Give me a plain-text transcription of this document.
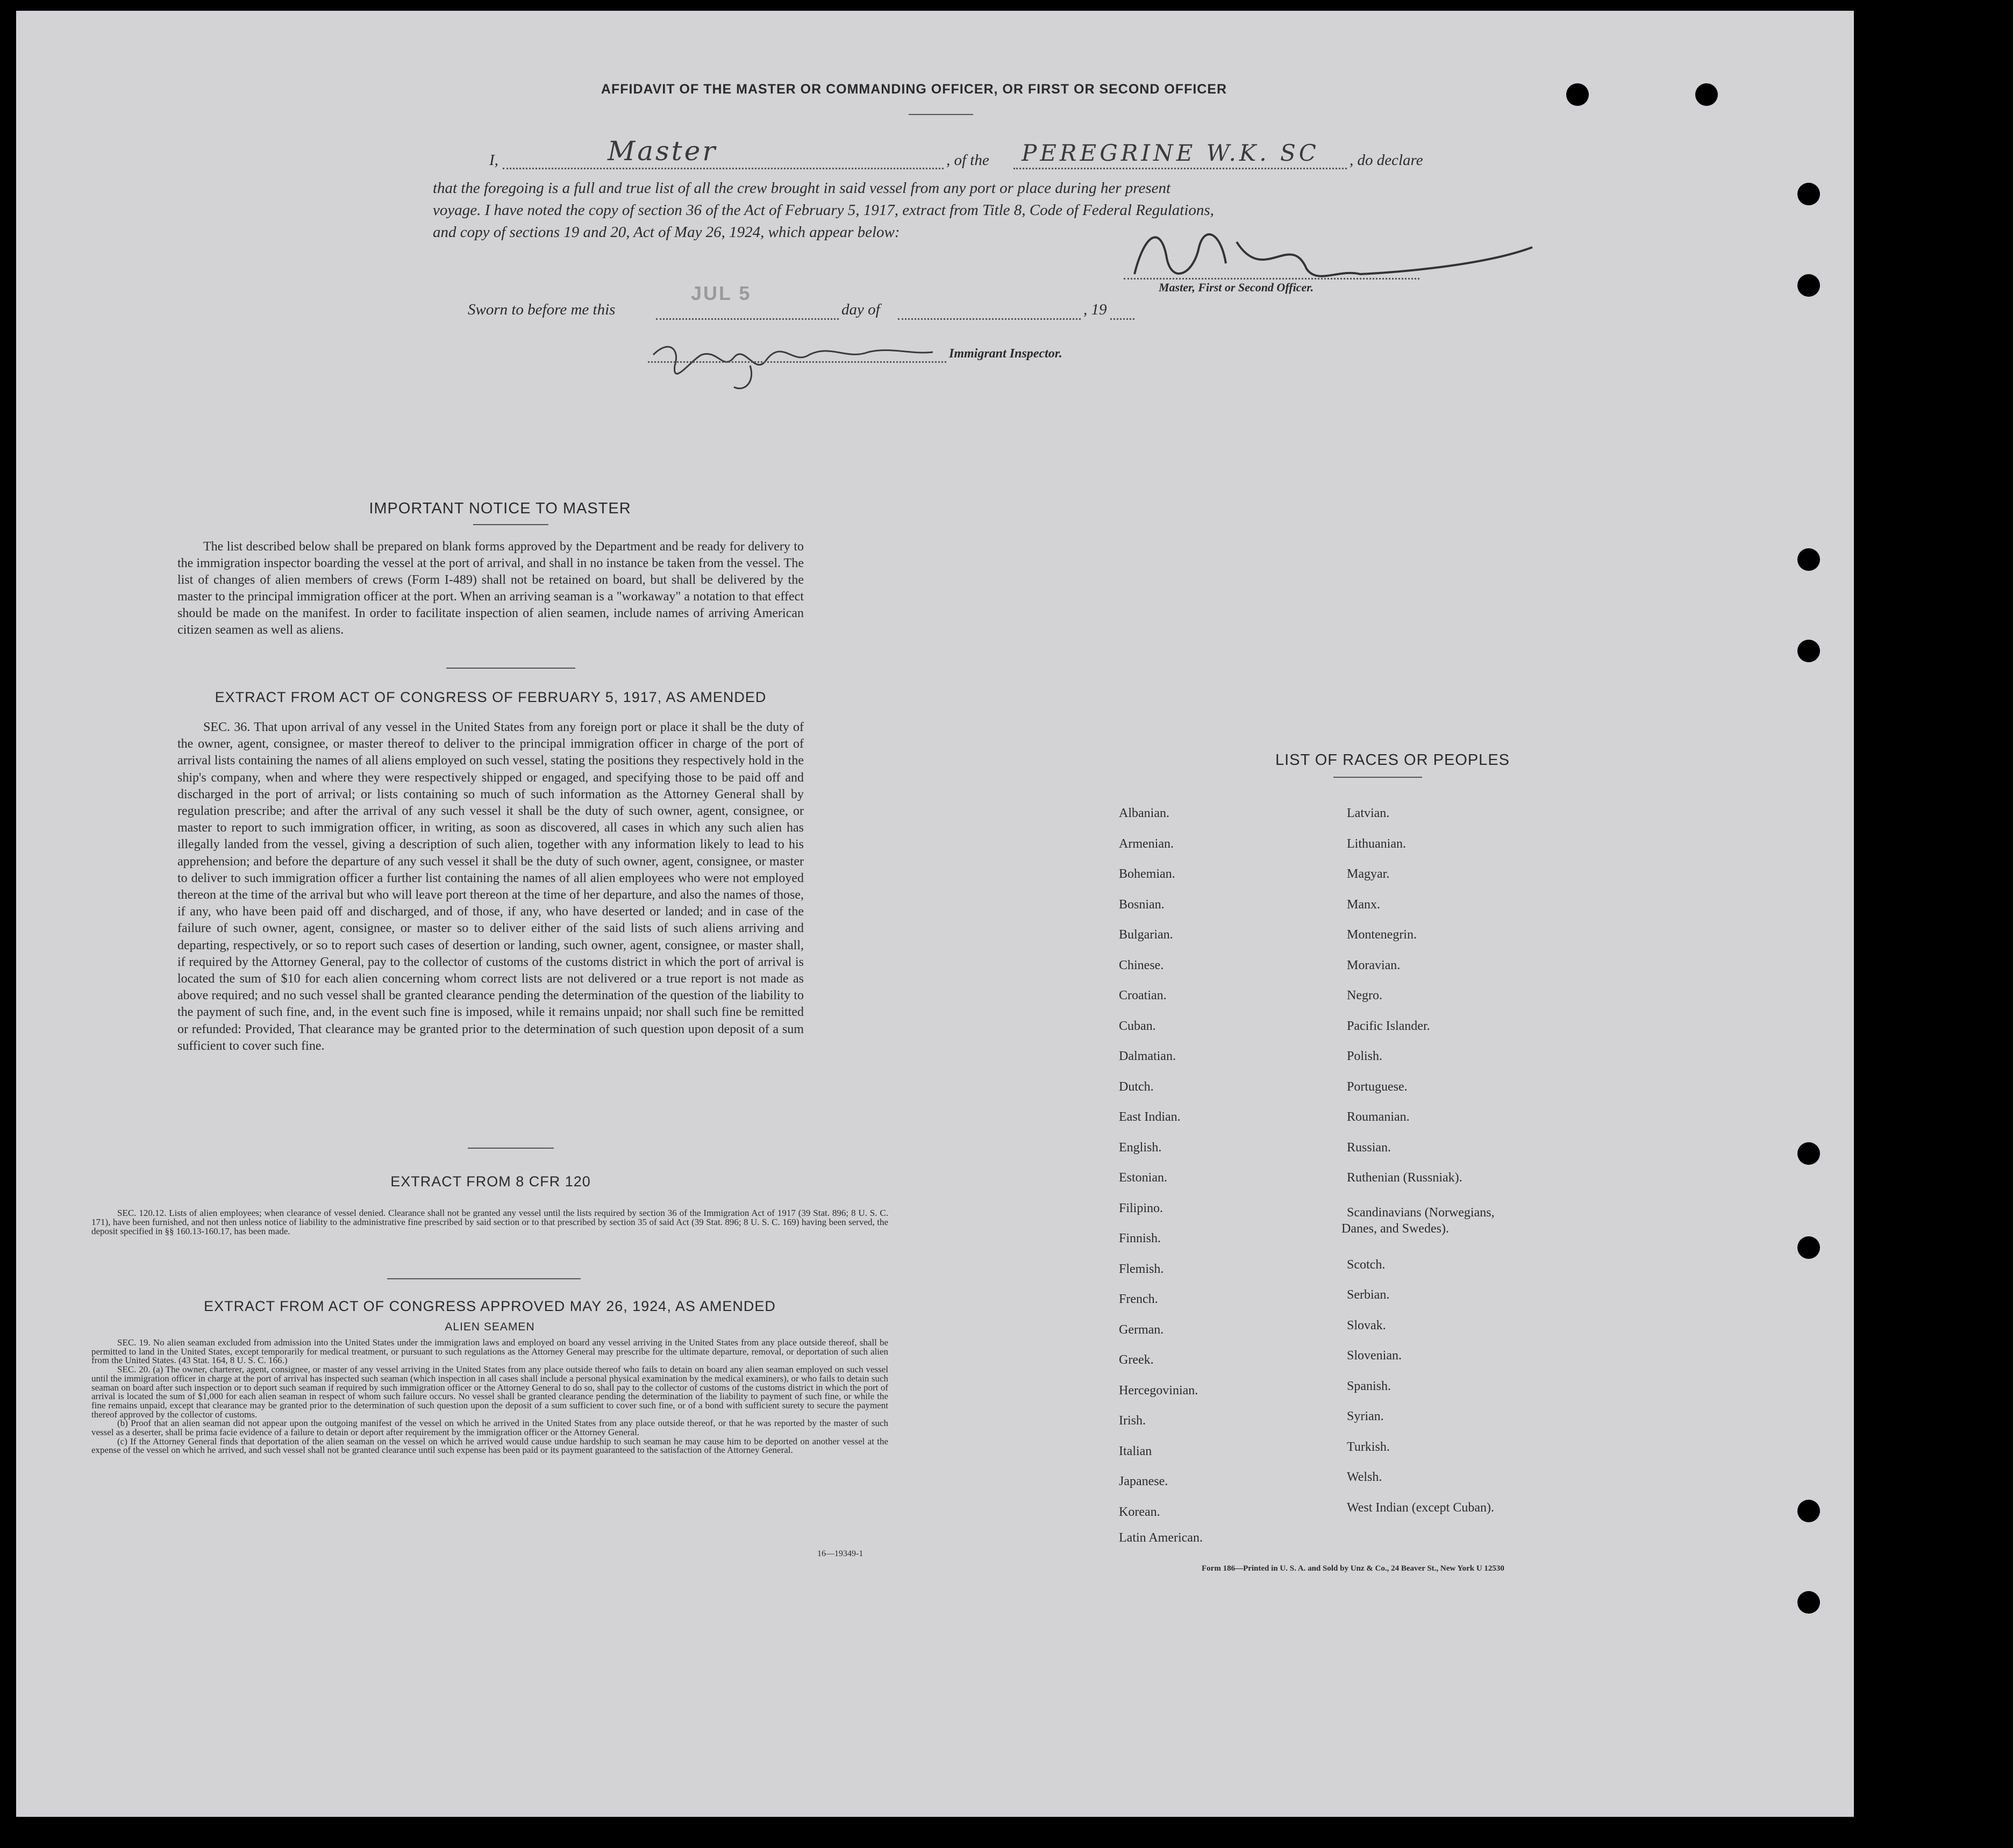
AFFIDAVIT OF THE MASTER OR COMMANDING OFFICER, OR FIRST OR SECOND OFFICER
I,	Master	, of the PEREGRINE W.K. SC , do declare
that the foregoing is a full and true list of all the crew brought in said vessel from any port or place during her present
voyage. I have noted the copy of section 36 of the Act of February 5, 1917, extract from Title 8, Code of Federal Regulations,
and copy of sections 19 and 20, Act of May 26, 1924, which appear below:
Master, First or Second Officer.
Sworn to before me this
JUL 5
day of	, 19
Immigrant Inspector.
IMPORTANT NOTICE TO MASTER
The list described below shall be prepared on blank forms approved by the Department and be ready for delivery to the immigration inspector boarding the vessel at the port of arrival, and shall in no instance be taken from the vessel. The list of changes of alien members of crews (Form I-489) shall not be retained on board, but shall be delivered by the master to the principal immigration officer at the port. When an arriving seaman is a "workaway" a notation to that effect should be made on the manifest. In order to facilitate inspection of alien seamen, include names of arriving American citizen seamen as well as aliens.
EXTRACT FROM ACT OF CONGRESS OF FEBRUARY 5, 1917, AS AMENDED
SEC. 36. That upon arrival of any vessel in the United States from any foreign port or place it shall be the duty of the owner, agent, consignee, or master thereof to deliver to the principal immigration officer in charge of the port of arrival lists containing the names of all aliens employed on such vessel, stating the positions they respectively hold in the ship's company, when and where they were respectively shipped or engaged, and specifying those to be paid off and discharged in the port of arrival; or lists containing so much of such information as the Attorney General shall by regulation prescribe; and after the arrival of any such vessel it shall be the duty of such owner, agent, consignee, or master to report to such immigration officer, in writing, as soon as discovered, all cases in which any such alien has illegally landed from the vessel, giving a description of such alien, together with any information likely to lead to his apprehension; and before the departure of any such vessel it shall be the duty of such owner, agent, consignee, or master to deliver to such immigration officer a further list containing the names of all alien employees who were not employed thereon at the time of the arrival but who will leave port thereon at the time of her departure, and also the names of those, if any, who have been paid off and discharged, and of those, if any, who have deserted or landed; and in case of the failure of such owner, agent, consignee, or master so to deliver either of the said lists of such aliens arriving and departing, respectively, or so to report such cases of desertion or landing, such owner, agent, consignee, or master shall, if required by the Attorney General, pay to the collector of customs of the customs district in which the port of arrival is located the sum of $10 for each alien concerning whom correct lists are not delivered or a true report is not made as above required; and no such vessel shall be granted clearance pending the determination of the question of the liability to the payment of such fine, and, in the event such fine is imposed, while it remains unpaid; nor shall such fine be remitted or refunded: Provided, That clearance may be granted prior to the determination of such question upon deposit of a sum sufficient to cover such fine.
EXTRACT FROM 8 CFR 120
SEC. 120.12. Lists of alien employees; when clearance of vessel denied. Clearance shall not be granted any vessel until the lists required by section 36 of the Immigration Act of 1917 (39 Stat. 896; 8 U. S. C. 171), have been furnished, and not then unless notice of liability to the administrative fine prescribed by said section or to that prescribed by section 35 of said Act (39 Stat. 896; 8 U. S. C. 169) having been served, the deposit specified in §§ 160.13-160.17, has been made.
EXTRACT FROM ACT OF CONGRESS APPROVED MAY 26, 1924, AS AMENDED
ALIEN SEAMEN
SEC. 19. No alien seaman excluded from admission into the United States under the immigration laws and employed on board any vessel arriving in the United States from any place outside thereof, shall be permitted to land in the United States, except temporarily for medical treatment, or pursuant to such regulations as the Attorney General may prescribe for the ultimate departure, removal, or deportation of such alien from the United States. (43 Stat. 164, 8 U. S. C. 166.)
SEC. 20. (a) The owner, charterer, agent, consignee, or master of any vessel arriving in the United States from any place outside thereof who fails to detain on board any alien seaman employed on such vessel until the immigration officer in charge at the port of arrival has inspected such seaman (which inspection in all cases shall include a personal physical examination by the medical examiners), or who fails to detain such seaman on board after such inspection or to deport such seaman if required by such immigration officer or the Attorney General to do so, shall pay to the collector of customs of the customs district in which the port of arrival is located the sum of $1,000 for each alien seaman in respect of whom such failure occurs. No vessel shall be granted clearance pending the determination of the liability to payment of such fine, or while the fine remains unpaid, except that clearance may be granted prior to the determination of such question upon the deposit of a sum sufficient to cover such fine, or of a bond with sufficient surety to secure the payment thereof approved by the collector of customs.
(b) Proof that an alien seaman did not appear upon the outgoing manifest of the vessel on which he arrived in the United States from any place outside thereof, or that he was reported by the master of such vessel as a deserter, shall be prima facie evidence of a failure to detain or deport after requirement by the immigration officer or the Attorney General.
(c) If the Attorney General finds that deportation of the alien seaman on the vessel on which he arrived would cause undue hardship to such seaman he may cause him to be deported on another vessel at the expense of the vessel on which he arrived, and such vessel shall not be granted clearance until such expense has been paid or its payment guaranteed to the satisfaction of the Attorney General.
16—19349-1
LIST OF RACES OR PEOPLES
Form 186—Printed in U. S. A. and Sold by Unz & Co., 24 Beaver St., New York U 12530
Albanian.
Armenian.
Bohemian.
Bosnian.
Bulgarian.
Chinese.
Croatian.
Cuban.
Dalmatian.
Dutch.
East Indian.
English.
Estonian.
Filipino.
Finnish.
Flemish.
French.
German.
Greek.
Hercegovinian.
Irish.
Italian
Japanese.
Korean.
Latin American.
Latvian.
Lithuanian.
Magyar.
Manx.
Montenegrin.
Moravian.
Negro.
Pacific Islander.
Polish.
Portuguese.
Roumanian.
Russian.
Ruthenian (Russniak).
Scandinavians (Norwegians,
Danes, and Swedes).
Scotch.
Serbian.
Slovak.
Slovenian.
Spanish.
Syrian.
Turkish.
Welsh.
West Indian (except Cuban).
